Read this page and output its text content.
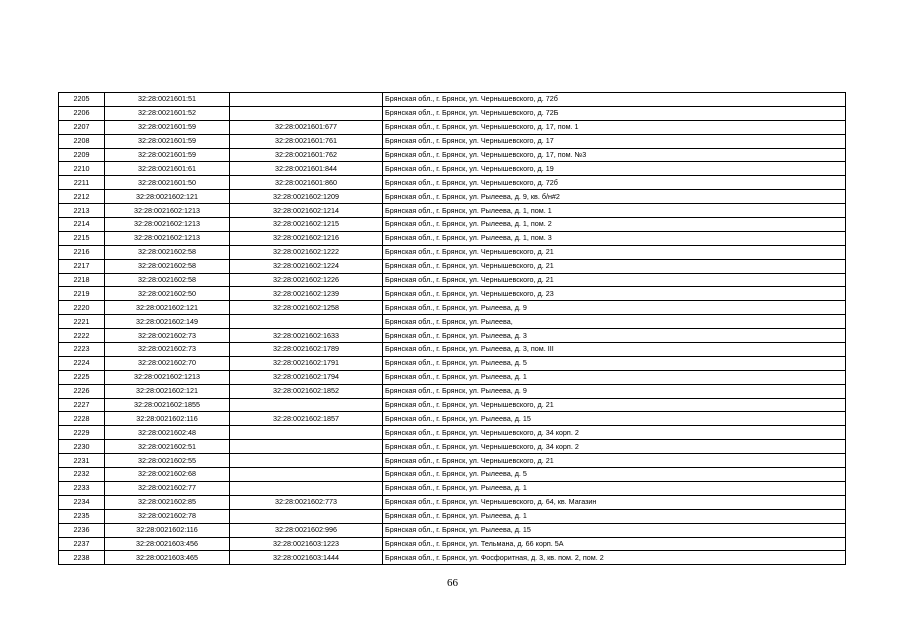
2205	32:28:0021601:51		Брянская обл., г. Брянск, ул. Чернышевского, д. 72б
2206	32:28:0021601:52		Брянская обл., г. Брянск, ул. Чернышевского, д. 72Б
2207	32:28:0021601:59	32:28:0021601:677	Брянская обл., г. Брянск, ул. Чернышевского, д. 17, пом. 1
2208	32:28:0021601:59	32:28:0021601:761	Брянская обл., г. Брянск, ул. Чернышевского, д. 17
2209	32:28:0021601:59	32:28:0021601:762	Брянская обл., г. Брянск, ул. Чернышевского, д. 17, пом. №3
2210	32:28:0021601:61	32:28:0021601:844	Брянская обл., г. Брянск, ул. Чернышевского, д. 19
2211	32:28:0021601:50	32:28:0021601:860	Брянская обл., г. Брянск, ул. Чернышевского, д. 72б
2212	32:28:0021602:121	32:28:0021602:1209	Брянская обл., г. Брянск, ул. Рылеева, д. 9, кв. б/н#2
2213	32:28:0021602:1213	32:28:0021602:1214	Брянская обл., г. Брянск, ул. Рылеева, д. 1, пом. 1
2214	32:28:0021602:1213	32:28:0021602:1215	Брянская обл., г. Брянск, ул. Рылеева, д. 1, пом. 2
2215	32:28:0021602:1213	32:28:0021602:1216	Брянская обл., г. Брянск, ул. Рылеева, д. 1, пом. 3
2216	32:28:0021602:58	32:28:0021602:1222	Брянская обл., г. Брянск, ул. Чернышевского, д. 21
2217	32:28:0021602:58	32:28:0021602:1224	Брянская обл., г. Брянск, ул. Чернышевского, д. 21
2218	32:28:0021602:58	32:28:0021602:1226	Брянская обл., г. Брянск, ул. Чернышевского, д. 21
2219	32:28:0021602:50	32:28:0021602:1239	Брянская обл., г. Брянск, ул. Чернышевского, д. 23
2220	32:28:0021602:121	32:28:0021602:1258	Брянская обл., г. Брянск, ул. Рылеева, д. 9
2221	32:28:0021602:149		Брянская обл., г. Брянск, ул. Рылеева,
2222	32:28:0021602:73	32:28:0021602:1633	Брянская обл., г. Брянск, ул. Рылеева, д. 3
2223	32:28:0021602:73	32:28:0021602:1789	Брянская обл., г. Брянск, ул. Рылеева, д. 3, пом. III
2224	32:28:0021602:70	32:28:0021602:1791	Брянская обл., г. Брянск, ул. Рылеева, д. 5
2225	32:28:0021602:1213	32:28:0021602:1794	Брянская обл., г. Брянск, ул. Рылеева, д. 1
2226	32:28:0021602:121	32:28:0021602:1852	Брянская обл., г. Брянск, ул. Рылеева, д. 9
2227	32:28:0021602:1855		Брянская обл., г. Брянск, ул. Чернышевского, д. 21
2228	32:28:0021602:116	32:28:0021602:1857	Брянская обл., г. Брянск, ул. Рылеева, д. 15
2229	32:28:0021602:48		Брянская обл., г. Брянск, ул. Чернышевского, д. 34 корп. 2
2230	32:28:0021602:51		Брянская обл., г. Брянск, ул. Чернышевского, д. 34 корп. 2
2231	32:28:0021602:55		Брянская обл., г. Брянск, ул. Чернышевского, д. 21
2232	32:28:0021602:68		Брянская обл., г. Брянск, ул. Рылеева, д. 5
2233	32:28:0021602:77		Брянская обл., г. Брянск, ул. Рылеева, д. 1
2234	32:28:0021602:85	32:28:0021602:773	Брянская обл., г. Брянск, ул. Чернышевского, д. 64, кв. Магазин
2235	32:28:0021602:78		Брянская обл., г. Брянск, ул. Рылеева, д. 1
2236	32:28:0021602:116	32:28:0021602:996	Брянская обл., г. Брянск, ул. Рылеева, д. 15
2237	32:28:0021603:456	32:28:0021603:1223	Брянская обл., г. Брянск, ул. Тельмана, д. 66 корп. 5А
2238	32:28:0021603:465	32:28:0021603:1444	Брянская обл., г. Брянск, ул. Фосфоритная, д. 3, кв. пом. 2, пом. 2
66
